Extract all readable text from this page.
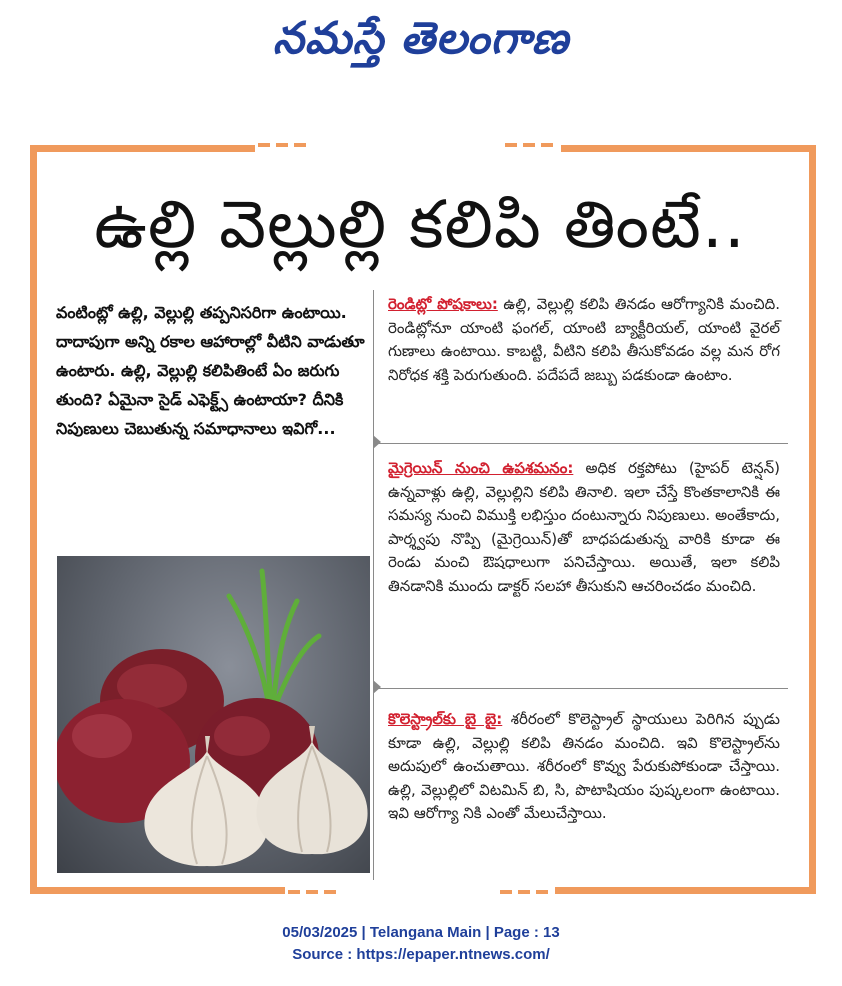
నమస్తే తెలంగాణ
ఉల్లి వెల్లుల్లి కలిపి తింటే..
వంటింట్లో ఉల్లి, వెల్లుల్లి తప్పనిసరిగా ఉంటాయి. దాదాపుగా అన్ని రకాల ఆహారాల్లో వీటిని వాడుతూ ఉంటారు. ఉల్లి, వెల్లుల్లి కలిపితింటే ఏం జరుగు తుంది? ఏమైనా సైడ్ ఎఫెక్ట్స్ ఉంటాయా? దీనికి నిపుణులు చెబుతున్న సమాధానాలు ఇవిగో...
రెండిట్లో పోషకాలు: ఉల్లి, వెల్లుల్లి కలిపి తినడం ఆరోగ్యానికి మంచిది. రెండిట్లోనూ యాంటి ఫంగల్, యాంటి బ్యాక్టీరియల్, యాంటి వైరల్ గుణాలు ఉంటాయి. కాబట్టి, వీటిని కలిపి తీసుకోవడం వల్ల మన రోగ నిరోధక శక్తి పెరుగుతుంది. పదేపదే జబ్బు పడకుండా ఉంటాం.
మైగ్రెయిన్ నుంచి ఉపశమనం: అధిక రక్తపోటు (హైపర్ టెన్షన్) ఉన్నవాళ్లు ఉల్లి, వెల్లుల్లిని కలిపి తినాలి. ఇలా చేస్తే కొంతకాలానికి ఈ సమస్య నుంచి విముక్తి లభిస్తుం దంటున్నారు నిపుణులు. అంతేకాదు, పార్శ్వపు నొప్పి (మైగ్రెయిన్)తో బాధపడుతున్న వారికి కూడా ఈ రెండు మంచి ఔషధాలుగా పనిచేస్తాయి. అయితే, ఇలా కలిపి తినడానికి ముందు డాక్టర్ సలహా తీసుకుని ఆచరించడం మంచిది.
కొలెస్ట్రాల్‌కు బై బై: శరీరంలో కొలెస్ట్రాల్ స్థాయులు పెరిగిన ప్పుడు కూడా ఉల్లి, వెల్లుల్లి కలిపి తినడం మంచిది. ఇవి కొలెస్ట్రాల్‌ను అదుపులో ఉంచుతాయి. శరీరంలో కొవ్వు పేరుకుపోకుండా చేస్తాయి. ఉల్లి, వెల్లుల్లిలో విటమిన్ బి, సి, పొటాషియం పుష్కలంగా ఉంటాయి. ఇవి ఆరోగ్యా నికి ఎంతో మేలుచేస్తాయి.
05/03/2025 | Telangana Main | Page : 13
Source : https://epaper.ntnews.com/
